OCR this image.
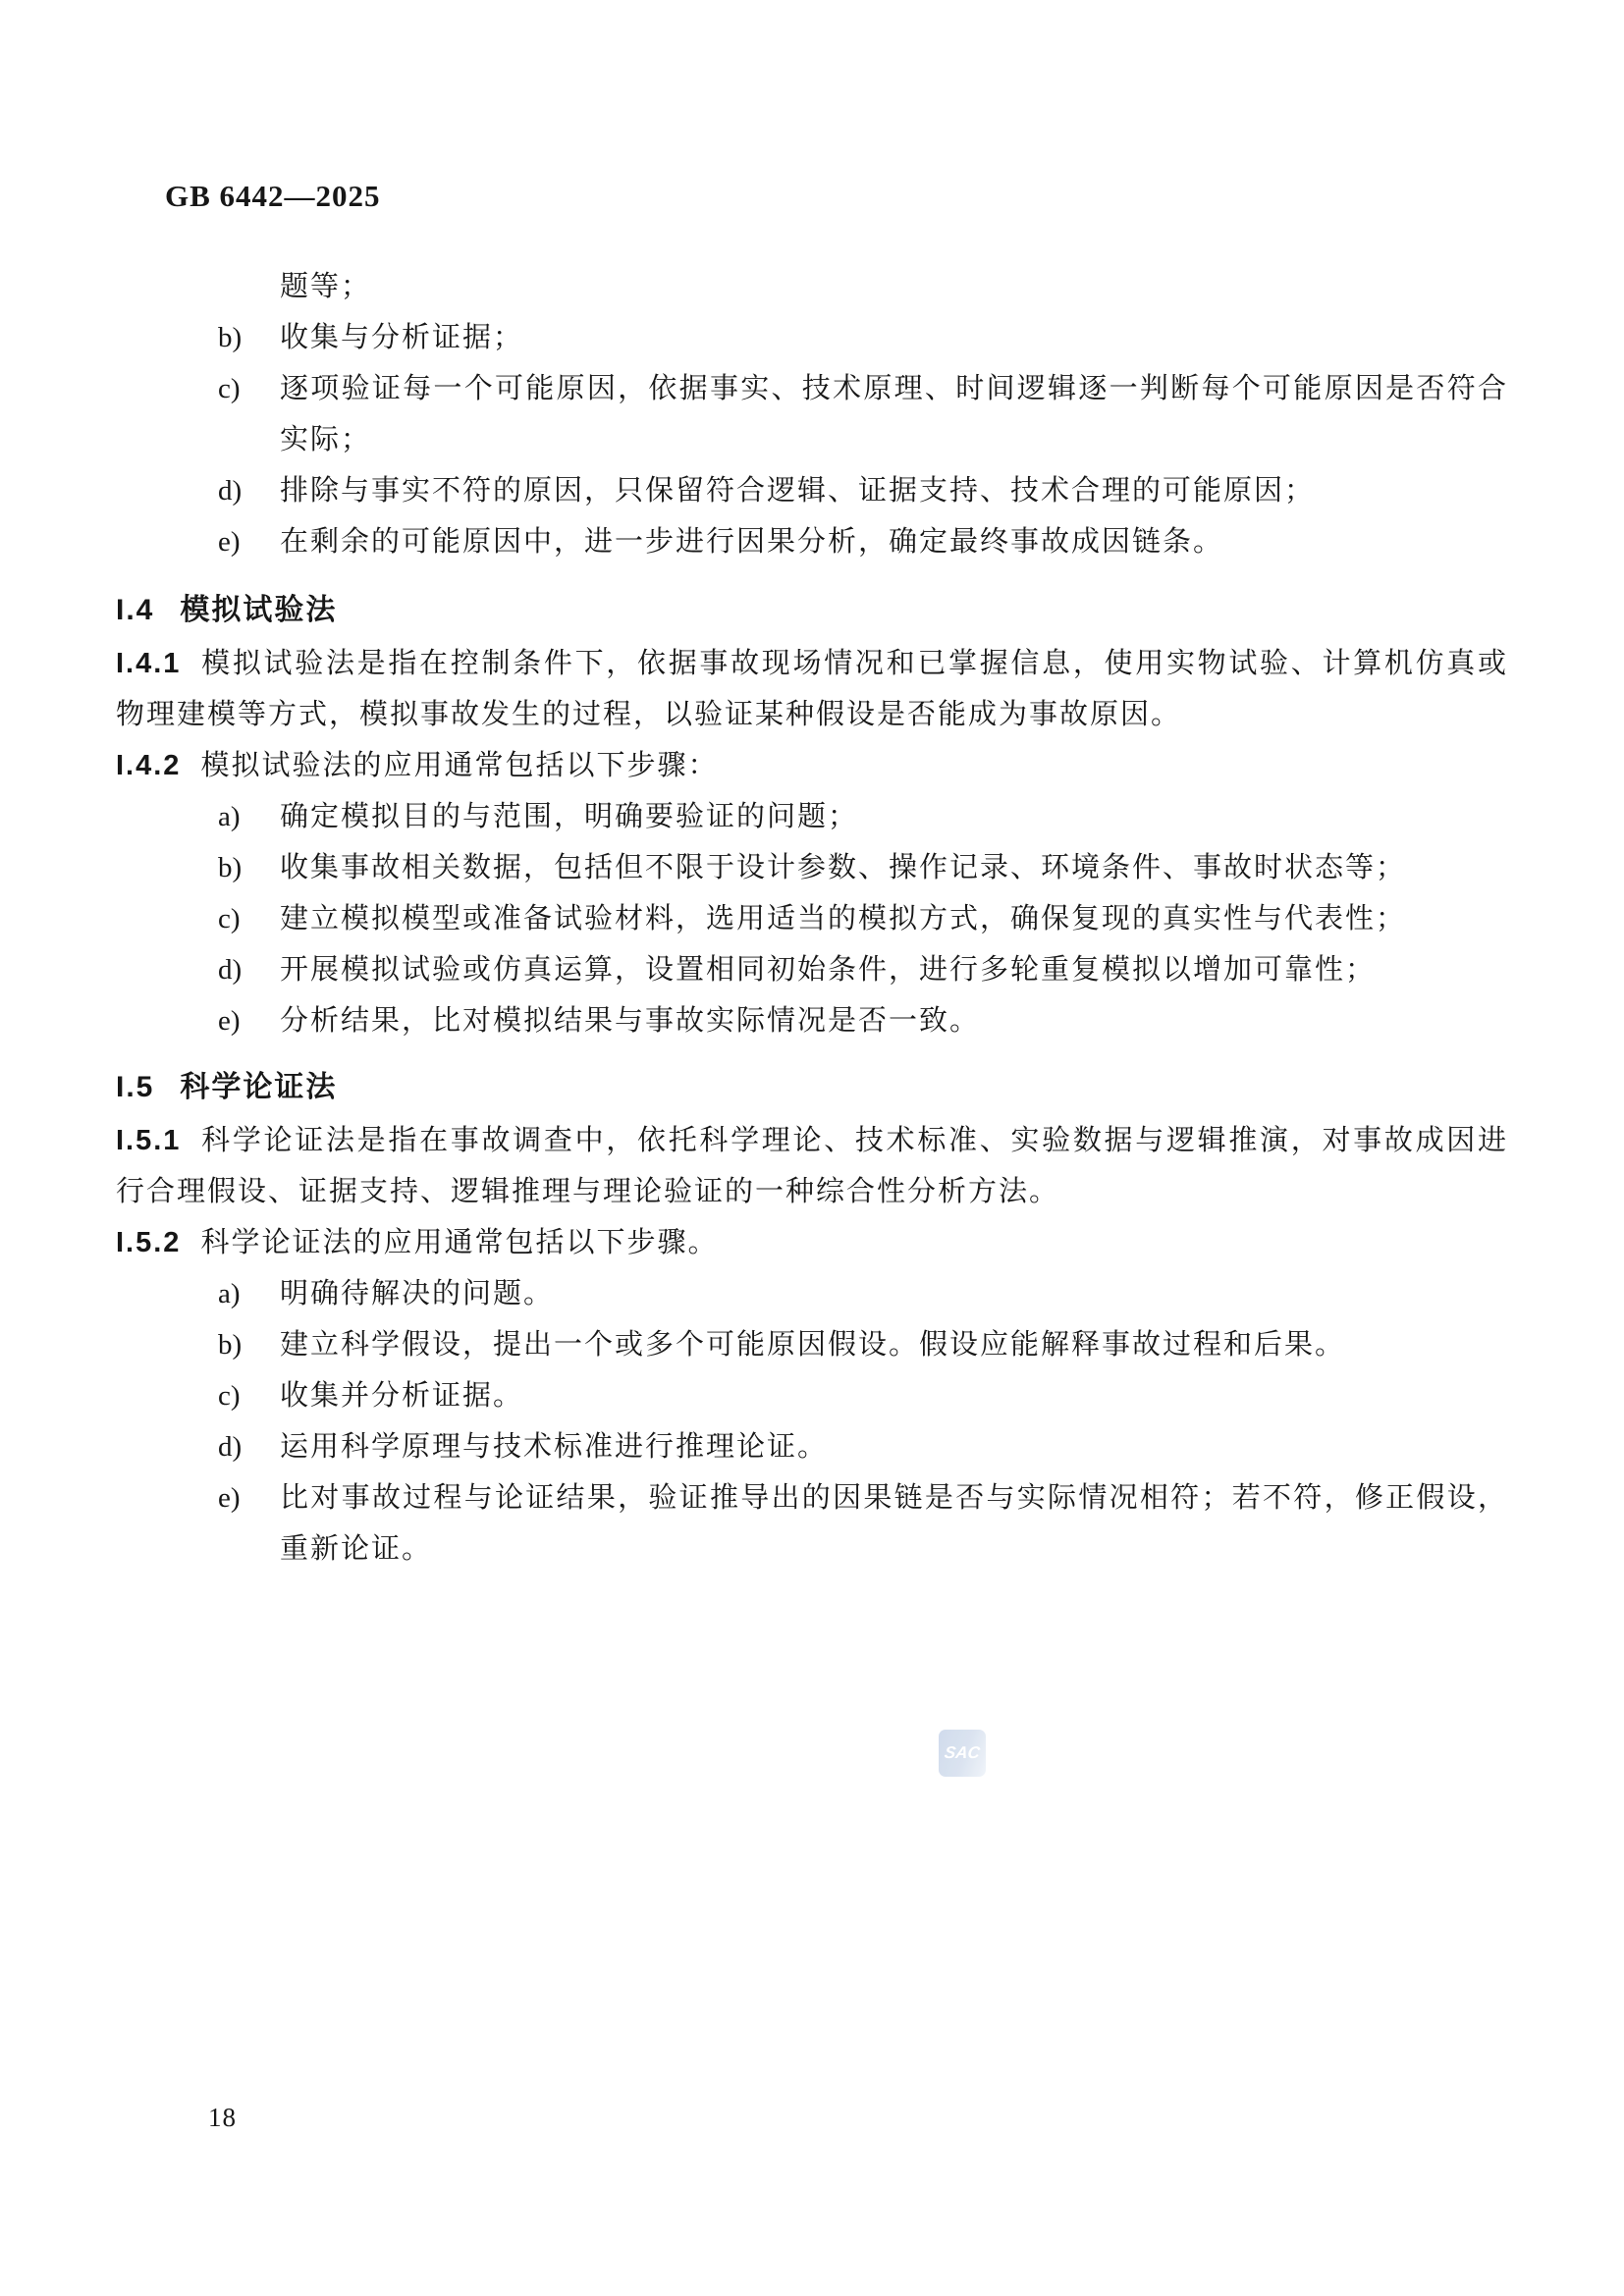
GB 6442—2025
题等；
b) 收集与分析证据；
c) 逐项验证每一个可能原因，依据事实、技术原理、时间逻辑逐一判断每个可能原因是否符合实际；
d) 排除与事实不符的原因，只保留符合逻辑、证据支持、技术合理的可能原因；
e) 在剩余的可能原因中，进一步进行因果分析，确定最终事故成因链条。
I.4 模拟试验法

I.4.1 模拟试验法是指在控制条件下，依据事故现场情况和已掌握信息，使用实物试验、计算机仿真或物理建模等方式，模拟事故发生的过程，以验证某种假设是否能成为事故原因。

I.4.2 模拟试验法的应用通常包括以下步骤：

a) 确定模拟目的与范围，明确要验证的问题；
b) 收集事故相关数据，包括但不限于设计参数、操作记录、环境条件、事故时状态等；
c) 建立模拟模型或准备试验材料，选用适当的模拟方式，确保复现的真实性与代表性；
d) 开展模拟试验或仿真运算，设置相同初始条件，进行多轮重复模拟以增加可靠性；
e) 分析结果，比对模拟结果与事故实际情况是否一致。
I.5 科学论证法

I.5.1 科学论证法是指在事故调查中，依托科学理论、技术标准、实验数据与逻辑推演，对事故成因进行合理假设、证据支持、逻辑推理与理论验证的一种综合性分析方法。

I.5.2 科学论证法的应用通常包括以下步骤。

a) 明确待解决的问题。
b) 建立科学假设，提出一个或多个可能原因假设。假设应能解释事故过程和后果。
c) 收集并分析证据。
d) 运用科学原理与技术标准进行推理论证。
e) 比对事故过程与论证结果，验证推导出的因果链是否与实际情况相符；若不符，修正假设，重新论证。
SAC
18
